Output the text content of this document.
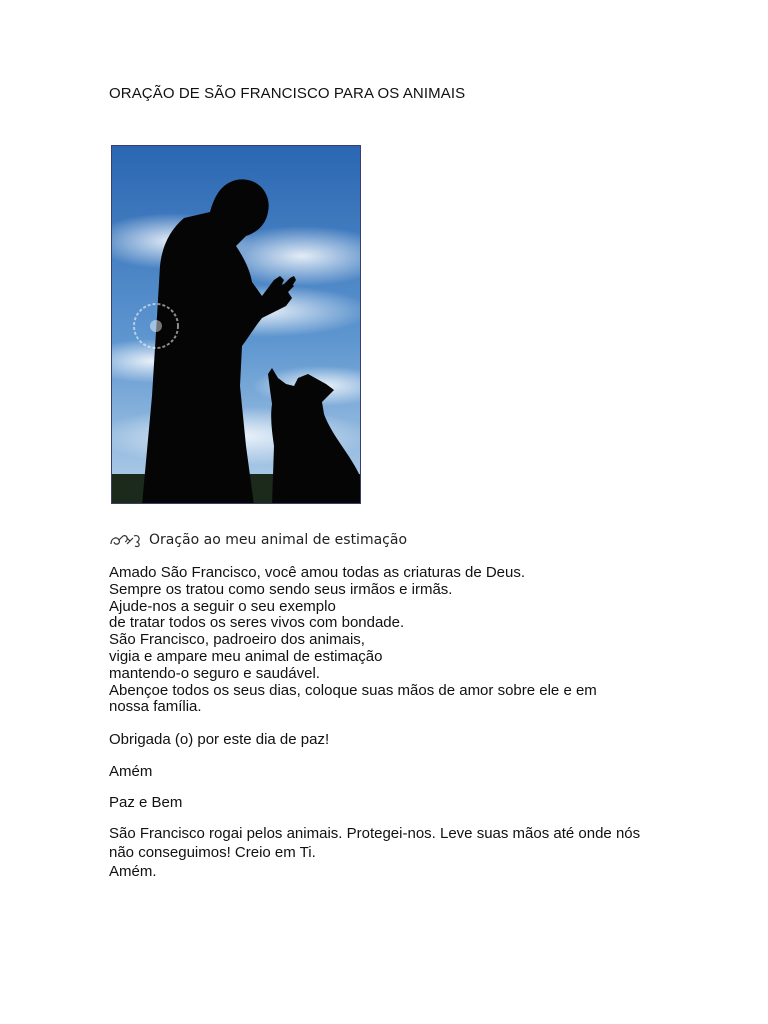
ORAÇÃO DE SÃO FRANCISCO PARA OS ANIMAIS
Oração ao meu animal de estimação
Amado São Francisco, você amou todas as criaturas de Deus.
Sempre os tratou como sendo seus irmãos e irmãs.
Ajude-nos a seguir o seu exemplo
de tratar todos os seres vivos com bondade.
São Francisco, padroeiro dos animais,
vigia e ampare meu animal de estimação
mantendo-o seguro e saudável.
Abençoe todos os seus dias, coloque suas mãos de amor sobre ele e em
nossa família.
Obrigada (o) por este dia de paz!
Amém
Paz e Bem
São Francisco rogai pelos animais. Protegei-nos. Leve suas mãos até onde nós
não conseguimos! Creio em Ti.
Amém.
